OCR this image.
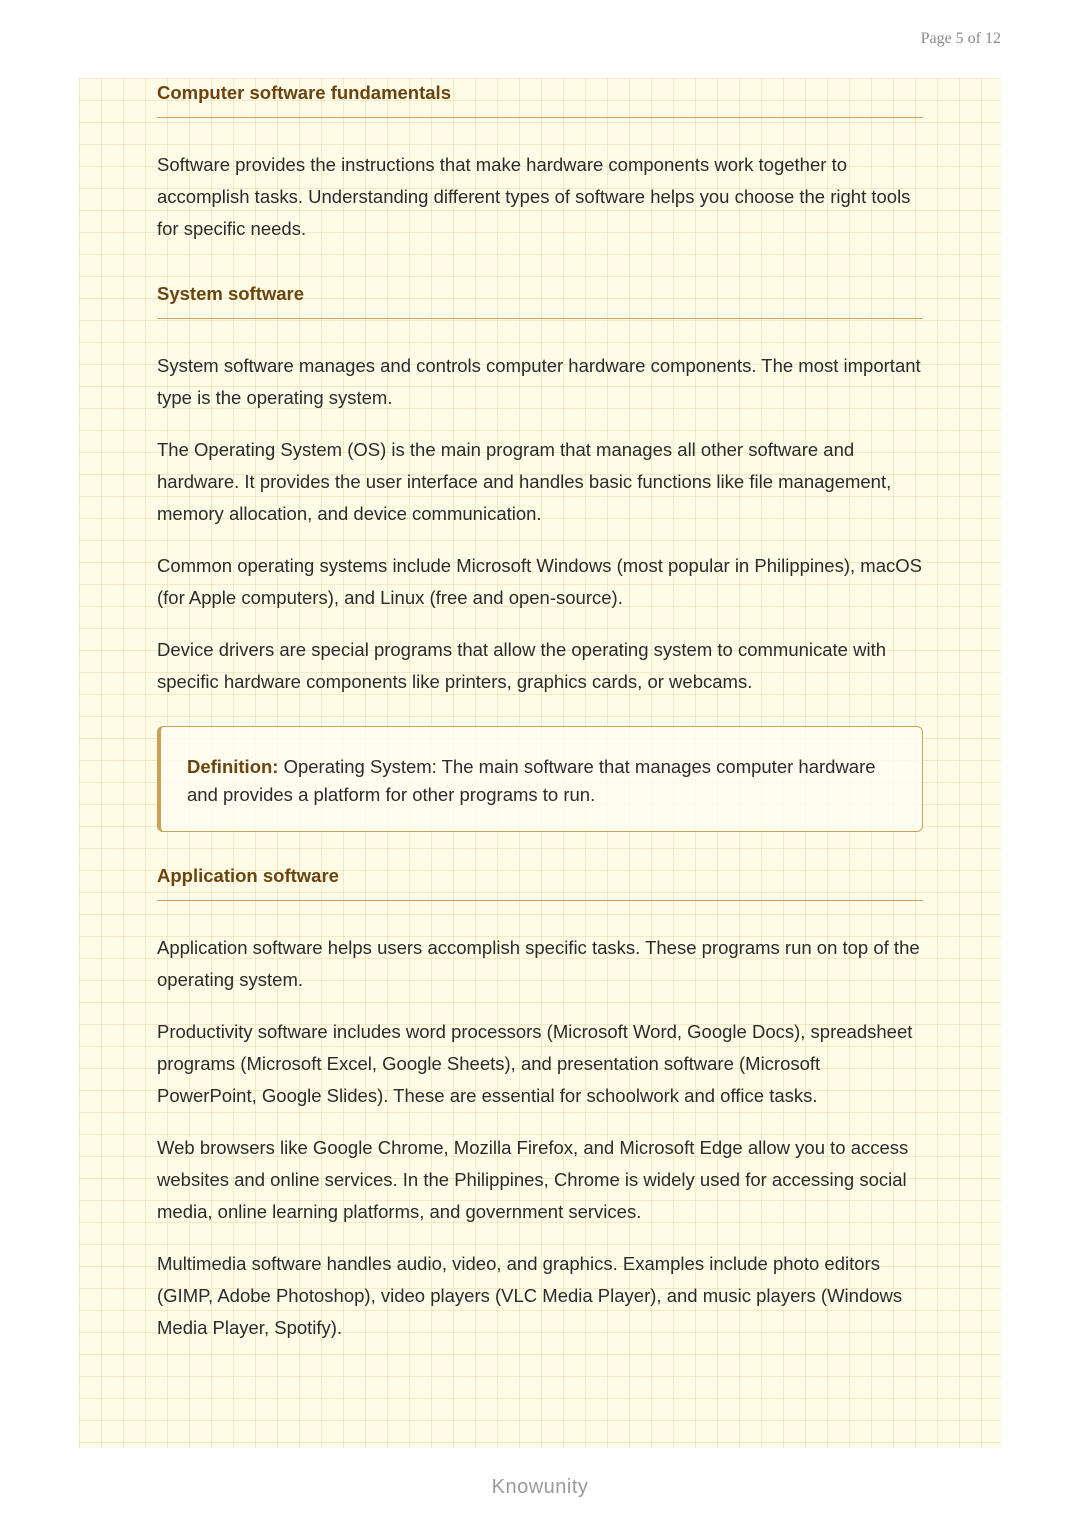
Page 5 of 12
Computer software fundamentals

Software provides the instructions that make hardware components work together to accomplish tasks. Understanding different types of software helps you choose the right tools for specific needs.

System software

System software manages and controls computer hardware components. The most important type is the operating system.

The Operating System (OS) is the main program that manages all other software and hardware. It provides the user interface and handles basic functions like file management, memory allocation, and device communication.

Common operating systems include Microsoft Windows (most popular in Philippines), macOS (for Apple computers), and Linux (free and open-source).

Device drivers are special programs that allow the operating system to communicate with specific hardware components like printers, graphics cards, or webcams.

Definition: Operating System: The main software that manages computer hardware and provides a platform for other programs to run.
Application software

Application software helps users accomplish specific tasks. These programs run on top of the operating system.

Productivity software includes word processors (Microsoft Word, Google Docs), spreadsheet programs (Microsoft Excel, Google Sheets), and presentation software (Microsoft PowerPoint, Google Slides). These are essential for schoolwork and office tasks.

Web browsers like Google Chrome, Mozilla Firefox, and Microsoft Edge allow you to access websites and online services. In the Philippines, Chrome is widely used for accessing social media, online learning platforms, and government services.

Multimedia software handles audio, video, and graphics. Examples include photo editors (GIMP, Adobe Photoshop), video players (VLC Media Player), and music players (Windows Media Player, Spotify).

Knowunity
